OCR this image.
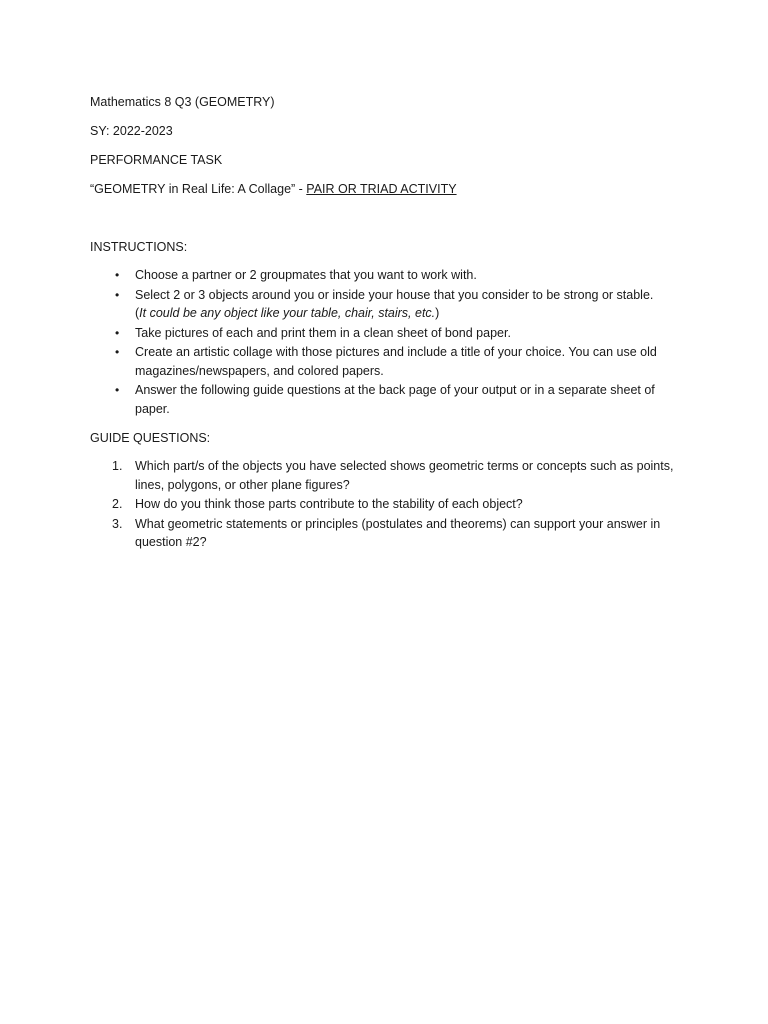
Mathematics 8 Q3 (GEOMETRY)
SY: 2022-2023
PERFORMANCE TASK
“GEOMETRY in Real Life: A Collage” - PAIR OR TRIAD ACTIVITY
INSTRUCTIONS:
• Choose a partner or 2 groupmates that you want to work with.
• Select 2 or 3 objects around you or inside your house that you consider to be strong or stable.
(It could be any object like your table, chair, stairs, etc.)
• Take pictures of each and print them in a clean sheet of bond paper.
• Create an artistic collage with those pictures and include a title of your choice. You can use old magazines/newspapers, and colored papers.
• Answer the following guide questions at the back page of your output or in a separate sheet of paper.
GUIDE QUESTIONS:
1. Which part/s of the objects you have selected shows geometric terms or concepts such as points, lines, polygons, or other plane figures?
2. How do you think those parts contribute to the stability of each object?
3. What geometric statements or principles (postulates and theorems) can support your answer in question #2?
